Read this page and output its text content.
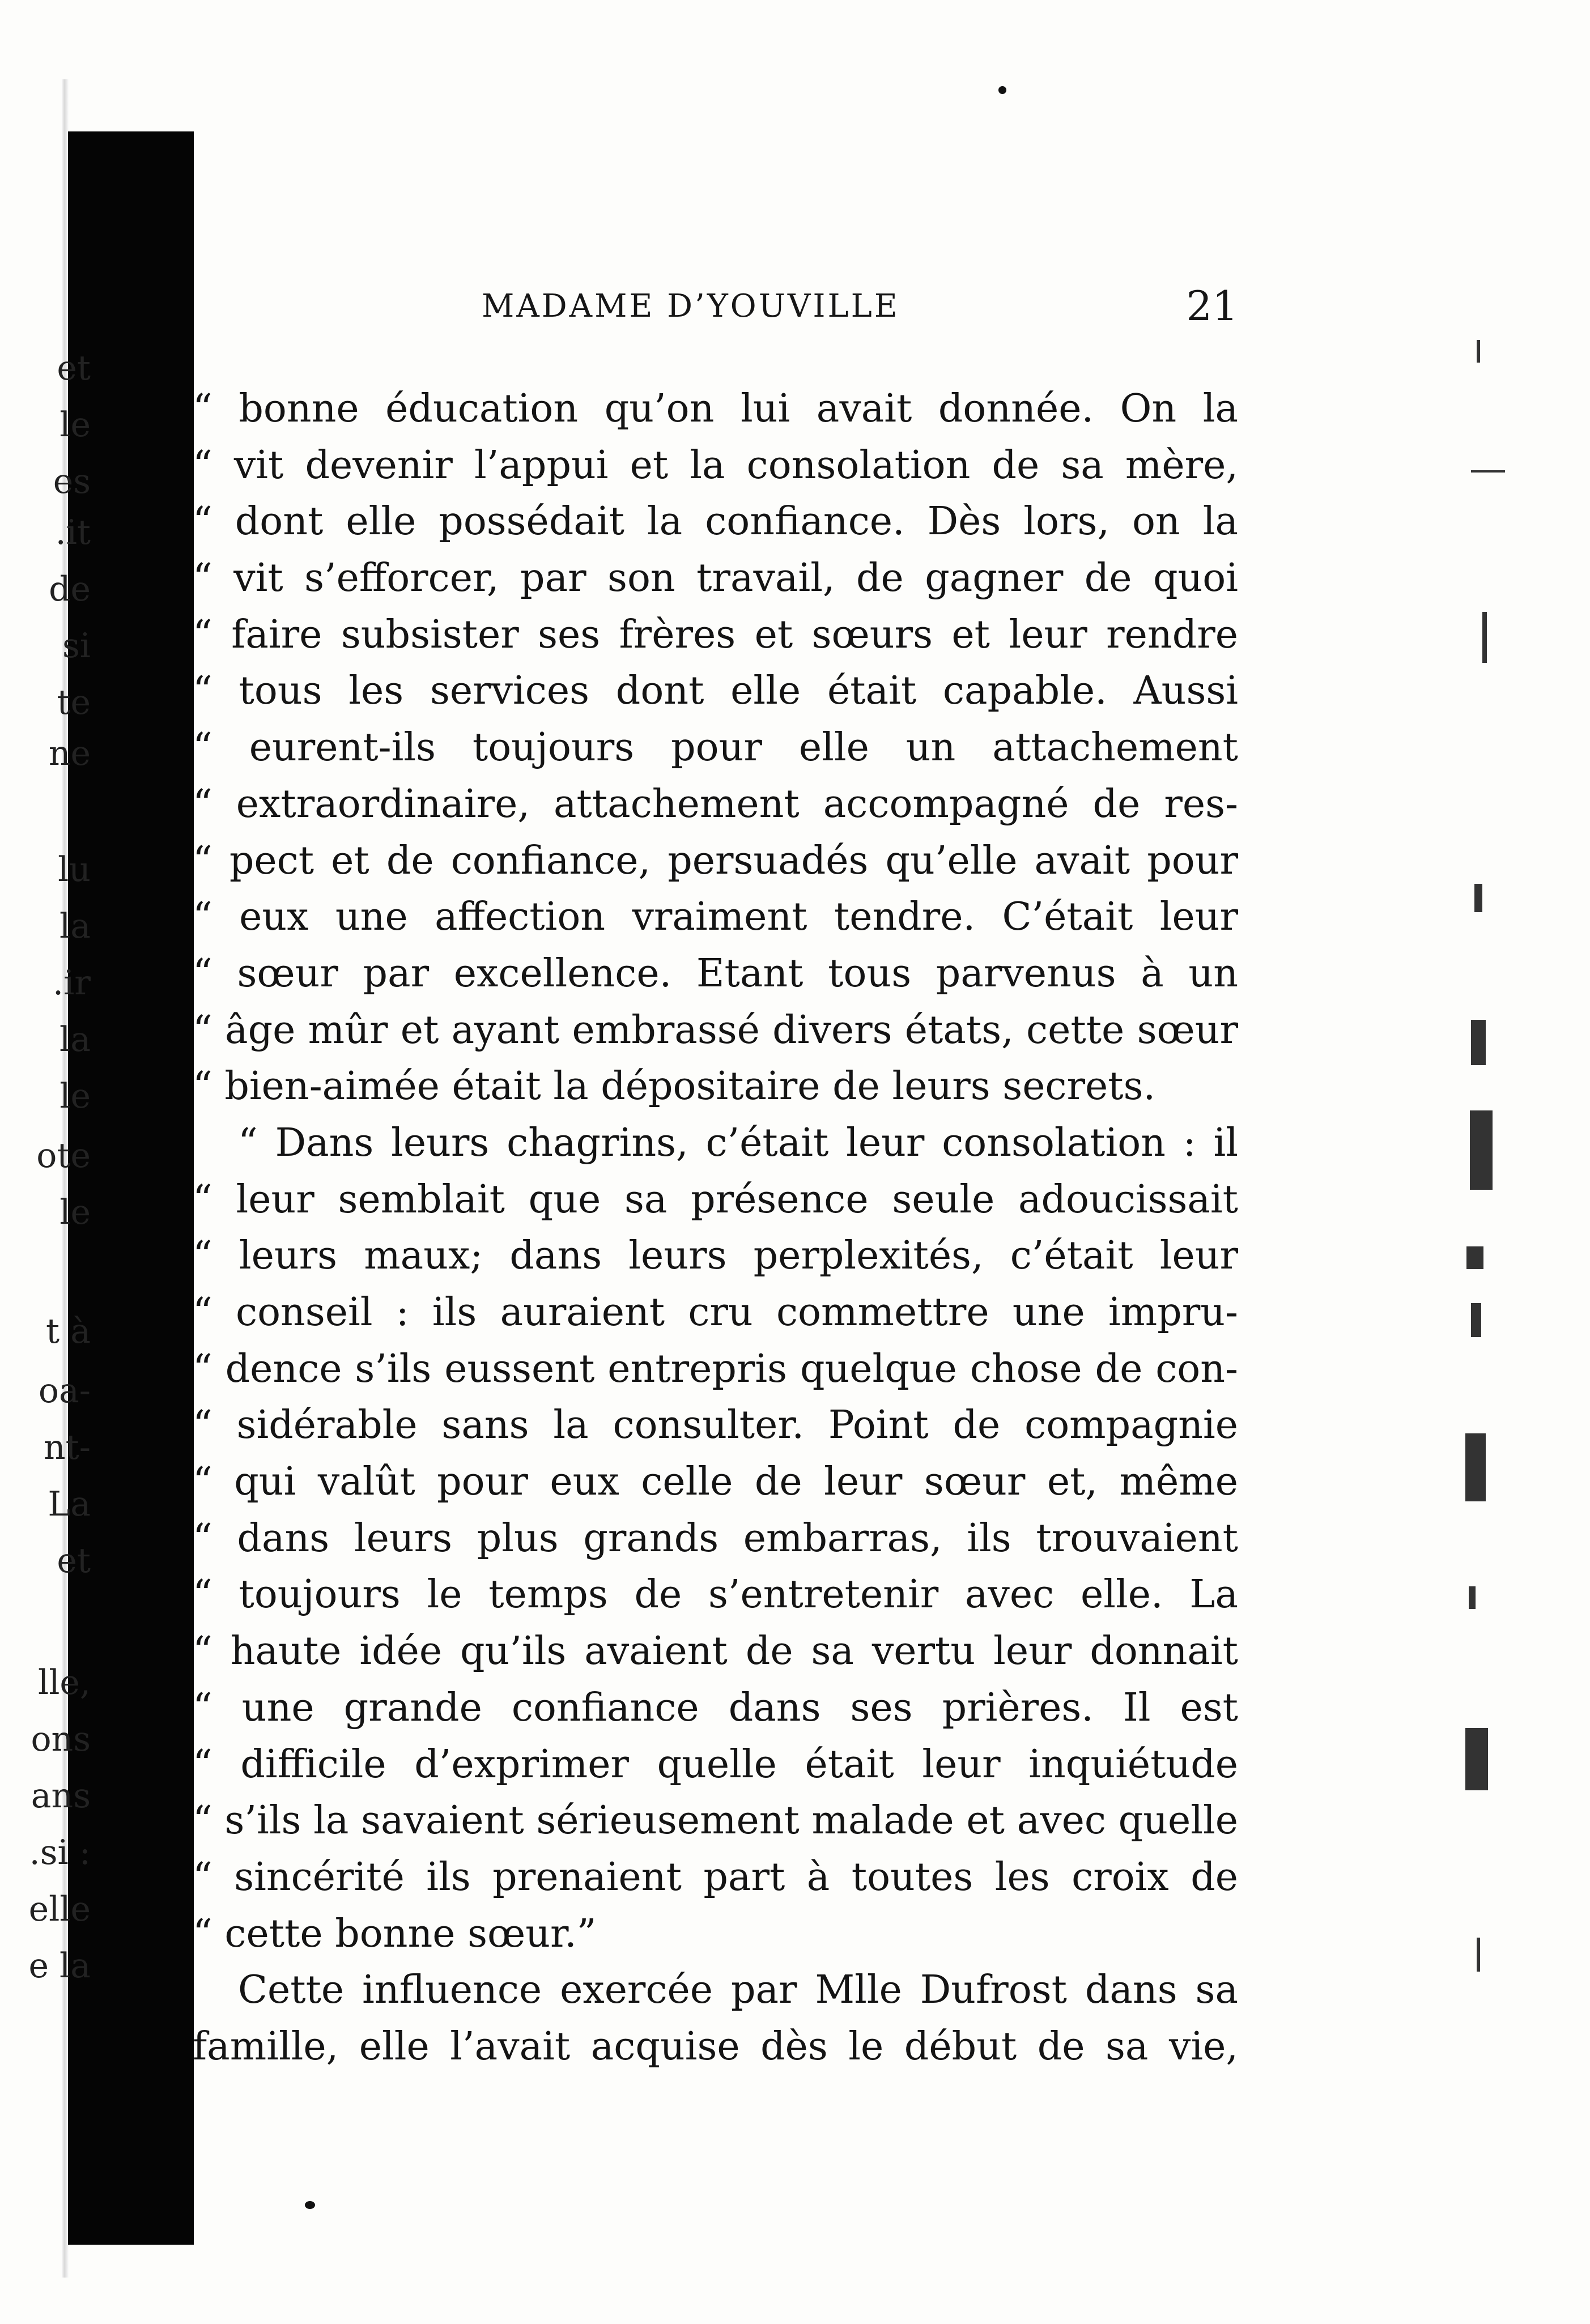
et
le
es
.it
de
si
te
ne
lu
la
.ir
la
le
ote
le
t à
oa-
nt-
La
et
lle,
ons
ans
.si :
elle
e la
MADAME D’YOUVILLE	21
“ bonne éducation qu’on lui avait donnée. On la
“ vit devenir l’appui et la consolation de sa mère,
“ dont elle possédait la confiance. Dès lors, on la
“ vit s’efforcer, par son travail, de gagner de quoi
“ faire subsister ses frères et sœurs et leur rendre
“ tous les services dont elle était capable. Aussi
“ eurent-ils toujours pour elle un attachement
“ extraordinaire, attachement accompagné de res-
“ pect et de confiance, persuadés qu’elle avait pour
“ eux une affection vraiment tendre. C’était leur
“ sœur par excellence. Etant tous parvenus à un
“ âge mûr et ayant embrassé divers états, cette sœur
“ bien-aimée était la dépositaire de leurs secrets.
“ Dans leurs chagrins, c’était leur consolation : il
“ leur semblait que sa présence seule adoucissait
“ leurs maux; dans leurs perplexités, c’était leur
“ conseil : ils auraient cru commettre une impru-
“ dence s’ils eussent entrepris quelque chose de con-
“ sidérable sans la consulter. Point de compagnie
“ qui valût pour eux celle de leur sœur et, même
“ dans leurs plus grands embarras, ils trouvaient
“ toujours le temps de s’entretenir avec elle. La
“ haute idée qu’ils avaient de sa vertu leur donnait
“ une grande confiance dans ses prières. Il est
“ difficile d’exprimer quelle était leur inquiétude
“ s’ils la savaient sérieusement malade et avec quelle
“ sincérité ils prenaient part à toutes les croix de
“ cette bonne sœur.”
Cette influence exercée par Mlle Dufrost dans sa
famille, elle l’avait acquise dès le début de sa vie,
